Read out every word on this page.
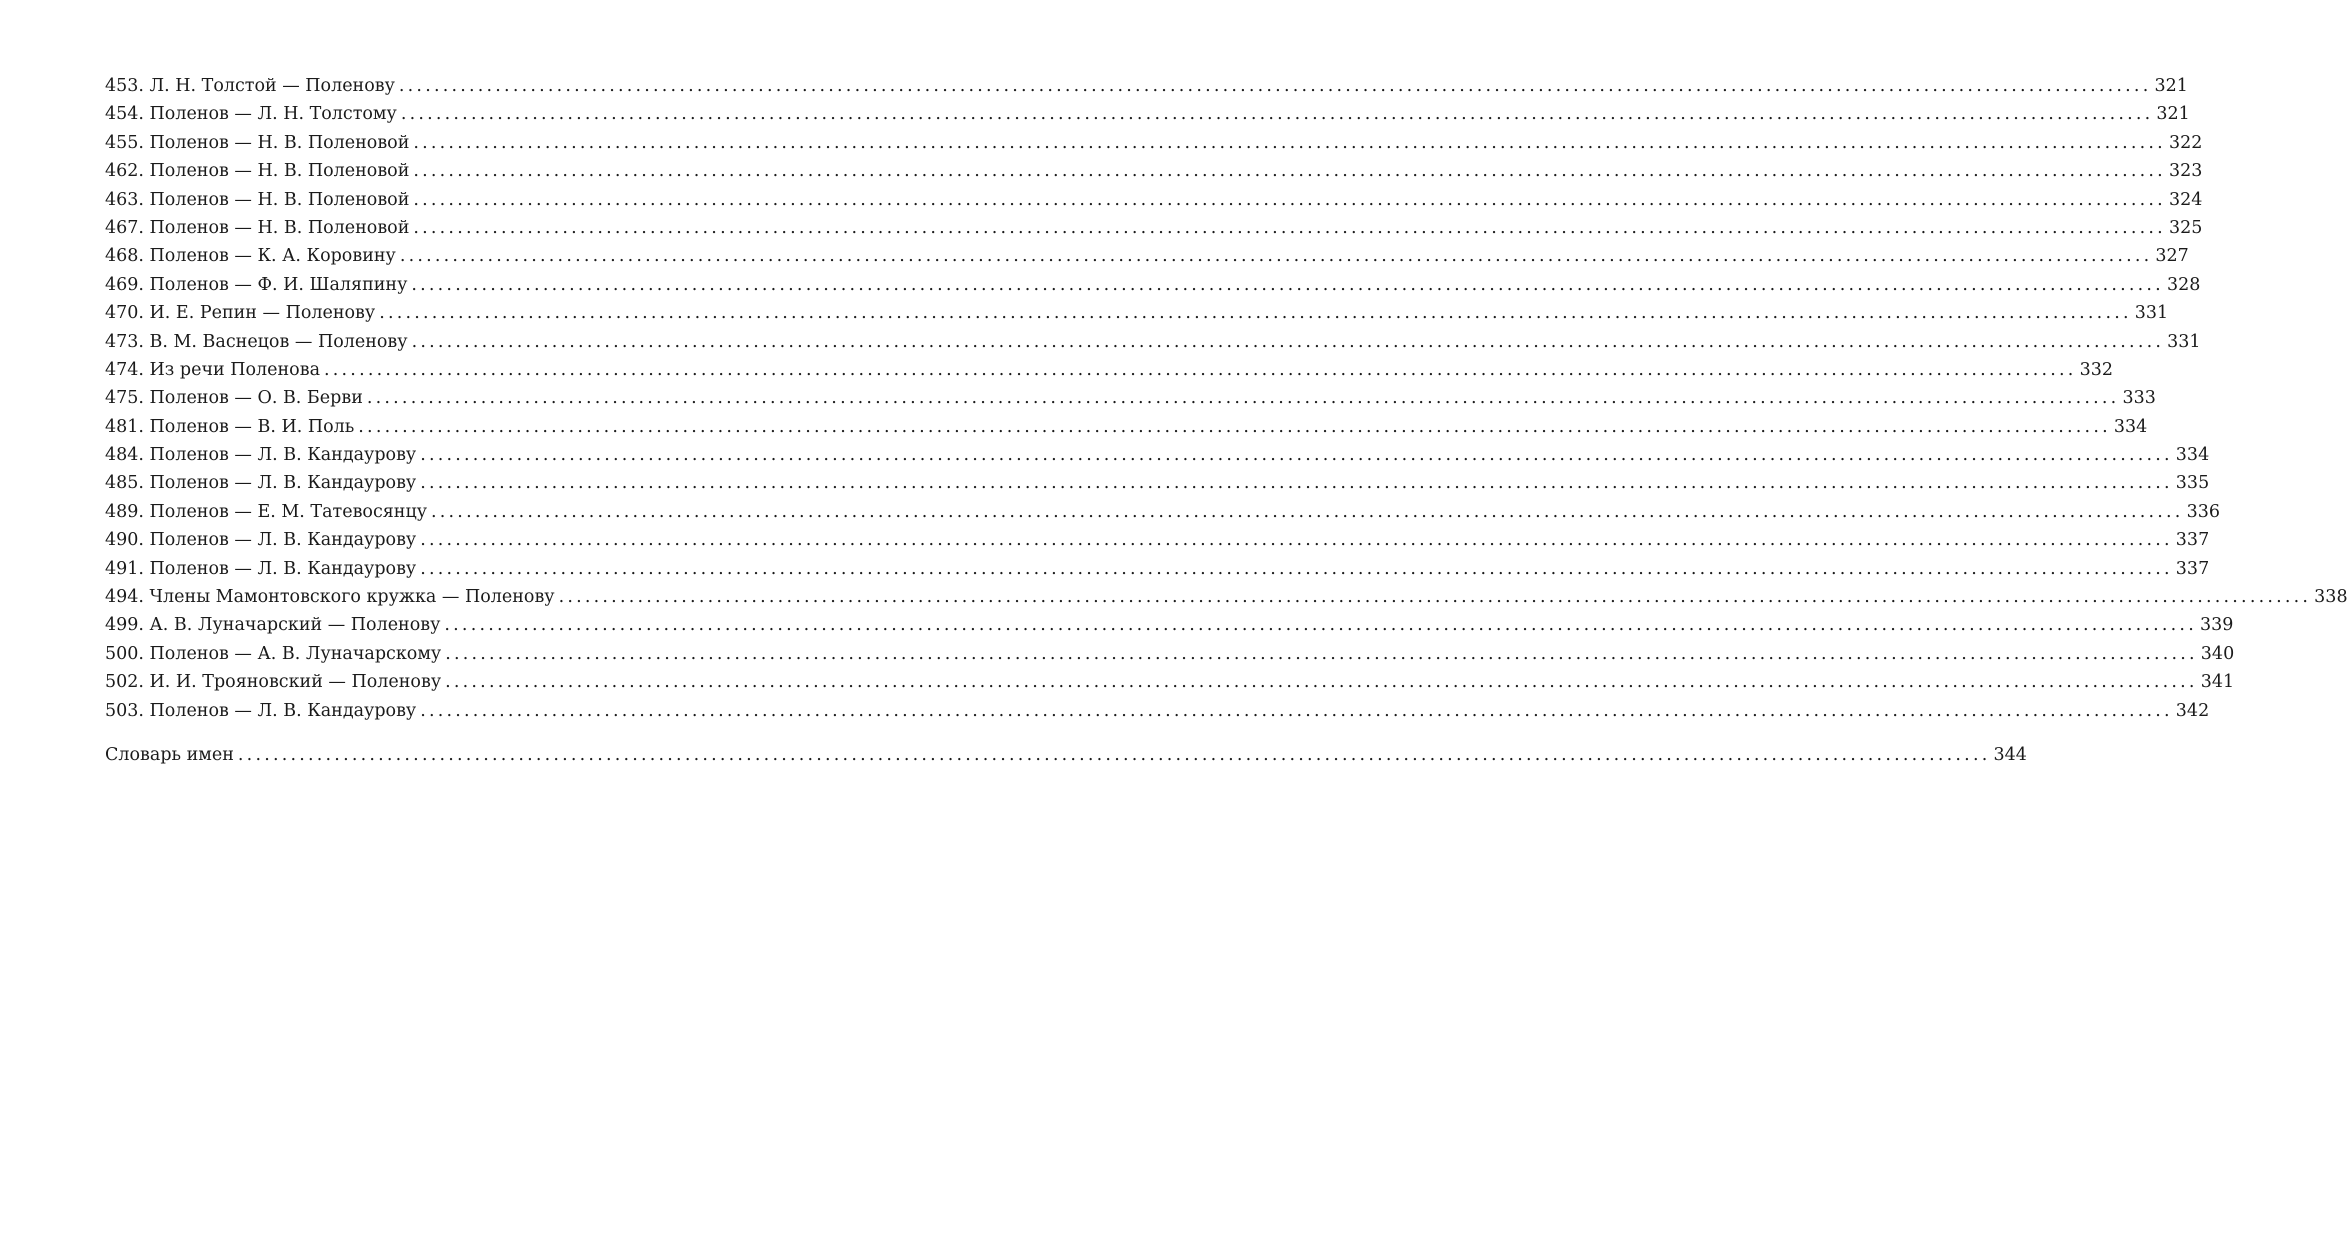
453. Л. Н. Толстой — Поленову ........................................................................................................................................................................................................ 321
454. Поленов — Л. Н. Толстому ........................................................................................................................................................................................................ 321
455. Поленов — Н. В. Поленовой ........................................................................................................................................................................................................ 322
462. Поленов — Н. В. Поленовой ........................................................................................................................................................................................................ 323
463. Поленов — Н. В. Поленовой ........................................................................................................................................................................................................ 324
467. Поленов — Н. В. Поленовой ........................................................................................................................................................................................................ 325
468. Поленов — К. А. Коровину ........................................................................................................................................................................................................ 327
469. Поленов — Ф. И. Шаляпину ........................................................................................................................................................................................................ 328
470. И. Е. Репин — Поленову ........................................................................................................................................................................................................ 331
473. В. М. Васнецов — Поленову ........................................................................................................................................................................................................ 331
474. Из речи Поленова ........................................................................................................................................................................................................ 332
475. Поленов — О. В. Берви ........................................................................................................................................................................................................ 333
481. Поленов — В. И. Поль ........................................................................................................................................................................................................ 334
484. Поленов — Л. В. Кандаурову ........................................................................................................................................................................................................ 334
485. Поленов — Л. В. Кандаурову ........................................................................................................................................................................................................ 335
489. Поленов — Е. М. Татевосянцу ........................................................................................................................................................................................................ 336
490. Поленов — Л. В. Кандаурову ........................................................................................................................................................................................................ 337
491. Поленов — Л. В. Кандаурову ........................................................................................................................................................................................................ 337
494. Члены Мамонтовского кружка — Поленову ........................................................................................................................................................................................................ 338
499. А. В. Луначарский — Поленову ........................................................................................................................................................................................................ 339
500. Поленов — А. В. Луначарскому ........................................................................................................................................................................................................ 340
502. И. И. Трояновский — Поленову ........................................................................................................................................................................................................ 341
503. Поленов — Л. В. Кандаурову ........................................................................................................................................................................................................ 342
Словарь имен ........................................................................................................................................................................................................ 344
